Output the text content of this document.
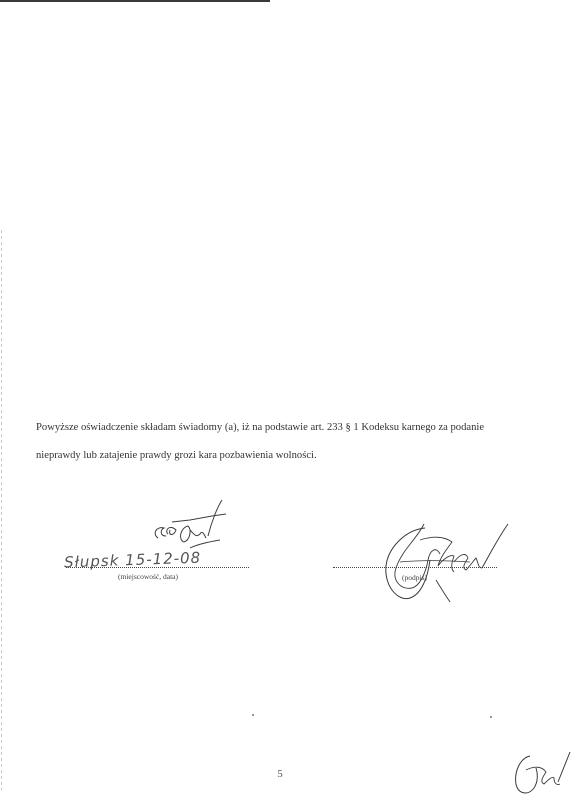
Powyższe oświadczenie składam świadomy (a), iż na podstawie art. 233 § 1 Kodeksu karnego za podanie
nieprawdy lub zatajenie prawdy grozi kara pozbawienia wolności.
Słupsk 15-12-08
(miejscowość, data)	(podpis)
5
